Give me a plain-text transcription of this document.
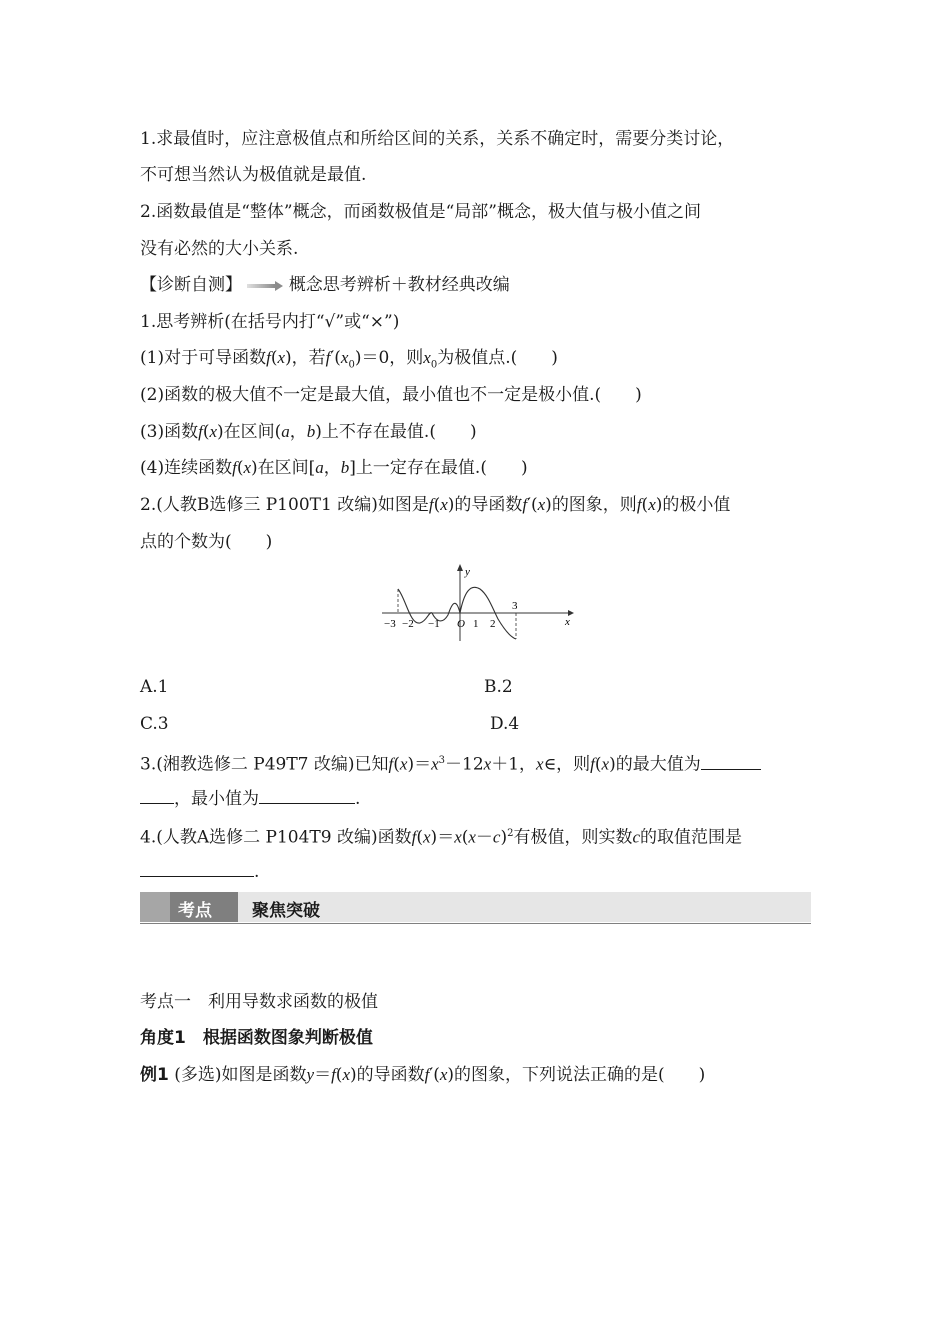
1.求最值时，应注意极值点和所给区间的关系，关系不确定时，需要分类讨论，
不可想当然认为极值就是最值.
2.函数最值是“整体”概念，而函数极值是“局部”概念，极大值与极小值之间
没有必然的大小关系.
【诊断自测】	概念思考辨析＋教材经典改编
1.思考辨析(在括号内打“√”或“×”)
(1)对于可导函数f(x)，若$f'(x_0)=0$，则$x_0$为极值点.(　　)
(2)函数的极大值不一定是最大值，最小值也不一定是极小值.(　　)
(3)函数f(x)在区间(a，b)上不存在最值.(　　)
(4)连续函数f(x)在区间[a，b]上一定存在最值.(　　)
2.(人教B选修三 P100T1 改编)如图是f(x)的导函数f′(x)的图象，则f(x)的极小值
点的个数为(　　)
y
x
−3 −2 −1 O 1 2
3
A.1	B.2
C.3	D.4
3.(湘教选修二 P49T7 改编)已知$f(x)=x^3-12x+1$，x∈，则f(x)的最大值为
，最小值为	.
4.(人教A选修二 P104T9 改编)函数$f(x)=x(x-c)^2$有极值，则实数c的取值范围是
.
考点 聚焦突破
考点一　利用导数求函数的极值
角度1　根据函数图象判断极值
例1 (多选)如图是函数y＝f(x)的导函数f′(x)的图象，下列说法正确的是(　　)
